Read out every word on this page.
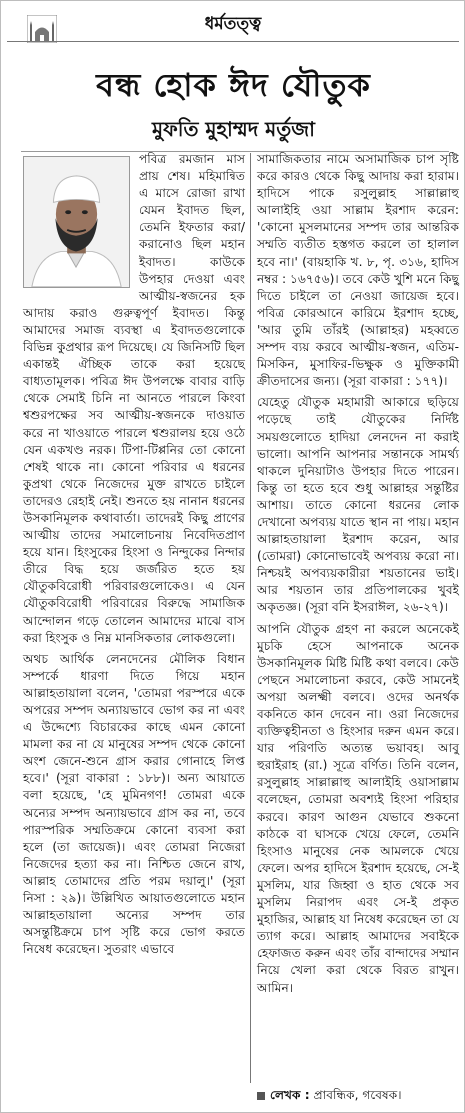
ধর্মতত্ত্ব
বন্ধ হোক ঈদ যৌতুক
মুফতি মুহাম্মদ মর্তুজা

পবিত্র রমজান মাস প্রায় শেষ। মহিমান্বিত এ মাসে রোজা রাখা যেমন ইবাদত ছিল, তেমনি ইফতার করা/করানোও ছিল মহান ইবাদত। কাউকে উপহার দেওয়া এবং আত্মীয়-স্বজনের হক আদায় করাও গুরুত্বপূর্ণ ইবাদত। কিন্তু আমাদের সমাজ ব্যবস্থা এ ইবাদতগুলোকে বিভিন্ন কুপ্রথার রূপ দিয়েছে। যে জিনিসটি ছিল একান্তই ঐচ্ছিক তাকে করা হয়েছে বাধ্যতামূলক। পবিত্র ঈদ উপলক্ষে বাবার বাড়ি থেকে সেমাই চিনি না আনতে পারলে কিংবা শ্বশুরপক্ষের সব আত্মীয়-স্বজনকে দাওয়াত করে না খাওয়াতে পারলে শ্বশুরালয় হয়ে ওঠে যেন একখণ্ড নরক। টিপা-টিপ্পনির তো কোনো শেষই থাকে না। কোনো পরিবার এ ধরনের কুপ্রথা থেকে নিজেদের মুক্ত রাখতে চাইলে তাদেরও রেহাই নেই। শুনতে হয় নানান ধরনের উসকানিমূলক কথাবার্তা। তাদেরই কিছু প্রাণের আত্মীয় তাদের সমালোচনায় নিবেদিতপ্রাণ হয়ে যান। হিংসুকের হিংসা ও নিন্দুকের নিন্দার তীরে বিদ্ধ হয়ে জর্জরিত হতে হয় যৌতুকবিরোধী পরিবারগুলোকেও। এ যেন যৌতুকবিরোধী পরিবারের বিরুদ্ধে সামাজিক আন্দোলন গড়ে তোলেন আমাদের মাঝে বাস করা হিংসুক ও নিম্ন মানসিকতার লোকগুলো।

অথচ আর্থিক লেনদেনের মৌলিক বিধান সম্পর্কে ধারণা দিতে গিয়ে মহান আল্লাহতায়ালা বলেন, 'তোমরা পরস্পরে একে অপরের সম্পদ অন্যায়ভাবে ভোগ কর না এবং এ উদ্দেশ্যে বিচারকের কাছে এমন কোনো মামলা কর না যে মানুষের সম্পদ থেকে কোনো অংশ জেনে-শুনে গ্রাস করার গোনাহে লিপ্ত হবে।' (সূরা বাকারা : ১৮৮)। অন্য আয়াতে বলা হয়েছে, 'হে মুমিনগণ! তোমরা একে অন্যের সম্পদ অন্যায়ভাবে গ্রাস কর না, তবে পারস্পরিক সম্মতিক্রমে কোনো ব্যবসা করা হলে (তা জায়েজ)। এবং তোমরা নিজেরা নিজেদের হত্যা কর না। নিশ্চিত জেনে রাখ, আল্লাহ তোমাদের প্রতি পরম দয়ালু।' (সূরা নিসা : ২৯)। উল্লিখিত আয়াতগুলোতে মহান আল্লাহতায়ালা অন্যের সম্পদ তার অসন্তুষ্টিক্রমে চাপ সৃষ্টি করে ভোগ করতে নিষেধ করেছেন। সুতরাং এভাবে

সামাজিকতার নামে অসামাজিক চাপ সৃষ্টি করে কারও থেকে কিছু আদায় করা হারাম। হাদিসে পাকে রসুলুল্লাহ সাল্লাল্লাহু আলাইহি ওয়া সাল্লাম ইরশাদ করেন: 'কোনো মুসলমানের সম্পদ তার আন্তরিক সম্মতি ব্যতীত হস্তগত করলে তা হালাল হবে না।' (বায়হাকি খ. ৮, পৃ. ৩১৬, হাদিস নম্বর : ১৬৭৫৬)। তবে কেউ খুশি মনে কিছু দিতে চাইলে তা নেওয়া জায়েজ হবে। পবিত্র কোরআনে কারিমে ইরশাদ হচ্ছে, 'আর তুমি তাঁরই (আল্লাহর) মহব্বতে সম্পদ ব্যয় করবে আত্মীয়-স্বজন, এতিম-মিসকিন, মুসাফির-ভিক্ষুক ও মুক্তিকামী ক্রীতদাসের জন্য। (সূরা বাকারা : ১৭৭)।

যেহেতু যৌতুক মহামারী আকারে ছড়িয়ে পড়েছে তাই যৌতুকের নির্দিষ্ট সময়গুলোতে হাদিয়া লেনদেন না করাই ভালো। আপনি আপনার সন্তানকে সামর্থ্য থাকলে দুনিয়াটাও উপহার দিতে পারেন। কিন্তু তা হতে হবে শুধু আল্লাহর সন্তুষ্টির আশায়। তাতে কোনো ধরনের লোক দেখানো অপব্যয় যাতে স্থান না পায়। মহান আল্লাহতায়ালা ইরশাদ করেন, আর (তোমরা) কোনোভাবেই অপব্যয় করো না। নিশ্চয়ই অপব্যয়কারীরা শয়তানের ভাই। আর শয়তান তার প্রতিপালকের খুবই অকৃতজ্ঞ। (সূরা বনি ইসরাঈল, ২৬-২৭)।

আপনি যৌতুক গ্রহণ না করলে অনেকেই মুচকি হেসে আপনাকে অনেক উসকানিমূলক মিষ্টি মিষ্টি কথা বলবে। কেউ পেছনে সমালোচনা করবে, কেউ সামনেই অপয়া অলক্ষ্মী বলবে। ওদের অনর্থক বকনিতে কান দেবেন না। ওরা নিজেদের ব্যক্তিত্বহীনতা ও হিংসার দরুন এমন করে। যার পরিণতি অত্যন্ত ভয়াবহ। আবু হুরাইরাহ (রা.) সূত্রে বর্ণিত। তিনি বলেন, রসুলুল্লাহ সাল্লাল্লাহু আলাইহি ওয়াসাল্লাম বলেছেন, তোমরা অবশ্যই হিংসা পরিহার করবে। কারণ আগুন যেভাবে শুকনো কাঠকে বা ঘাসকে খেয়ে ফেলে, তেমনি হিংসাও মানুষের নেক আমলকে খেয়ে ফেলে। অপর হাদিসে ইরশাদ হয়েছে, সে-ই মুসলিম, যার জিহ্বা ও হাত থেকে সব মুসলিম নিরাপদ এবং সে-ই প্রকৃত মুহাজির, আল্লাহ যা নিষেধ করেছেন তা যে ত্যাগ করে। আল্লাহ আমাদের সবাইকে হেফাজত করুন এবং তাঁর বান্দাদের সম্মান নিয়ে খেলা করা থেকে বিরত রাখুন। আমিন।

লেখক : প্রাবন্ধিক, গবেষক।
